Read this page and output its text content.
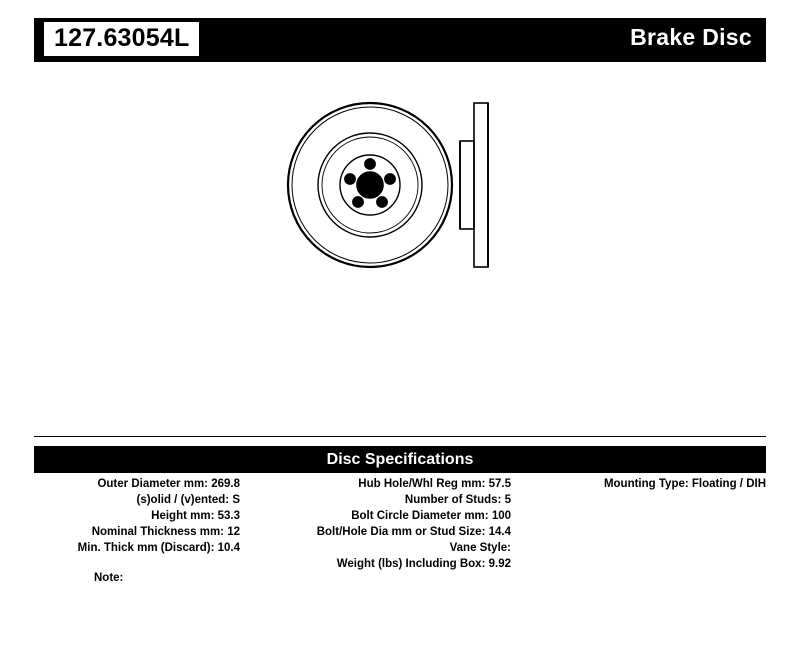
127.63054L	Brake Disc
Disc Specifications
Outer Diameter mm: 269.8
(s)olid / (v)ented: S
Height mm: 53.3
Nominal Thickness mm: 12
Min. Thick mm (Discard): 10.4
Hub Hole/Whl Reg mm: 57.5
Number of Studs: 5
Bolt Circle Diameter mm: 100
Bolt/Hole Dia mm or Stud Size: 14.4
Vane Style:
Weight (lbs) Including Box: 9.92
Mounting Type: Floating / DIH
Note:
